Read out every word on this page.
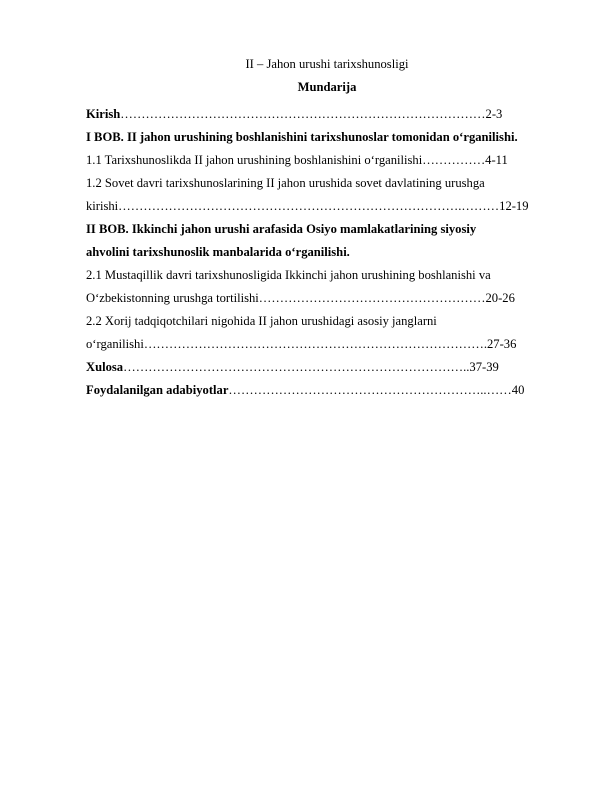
II – Jahon urushi tarixshunosligi
Mundarija
Kirish……………………………………………………………………………2-3
I BOB. II jahon urushining boshlanishini tarixshunoslar tomonidan o‘rganilishi.
1.1 Tarixshunoslikda II jahon urushining boshlanishini o‘rganilishi……………4-11
1.2 Sovet davri tarixshunoslarining II jahon urushida sovet davlatining urushga
kirishi……………………………………………………………………….………12-19
II BOB. Ikkinchi jahon urushi arafasida Osiyo mamlakatlarining siyosiy
ahvolini tarixshunoslik manbalarida o‘rganilishi.
2.1 Mustaqillik davri tarixshunosligida Ikkinchi jahon urushining boshlanishi va
O‘zbekistonning urushga tortilishi………………………………………………20-26
2.2 Xorij tadqiqotchilari nigohida II jahon urushidagi asosiy janglarni
o‘rganilishi……………………………………………………………………….27-36
Xulosa………………………………………………………………………..37-39
Foydalanilgan adabiyotlar……………………………………………………..……40
